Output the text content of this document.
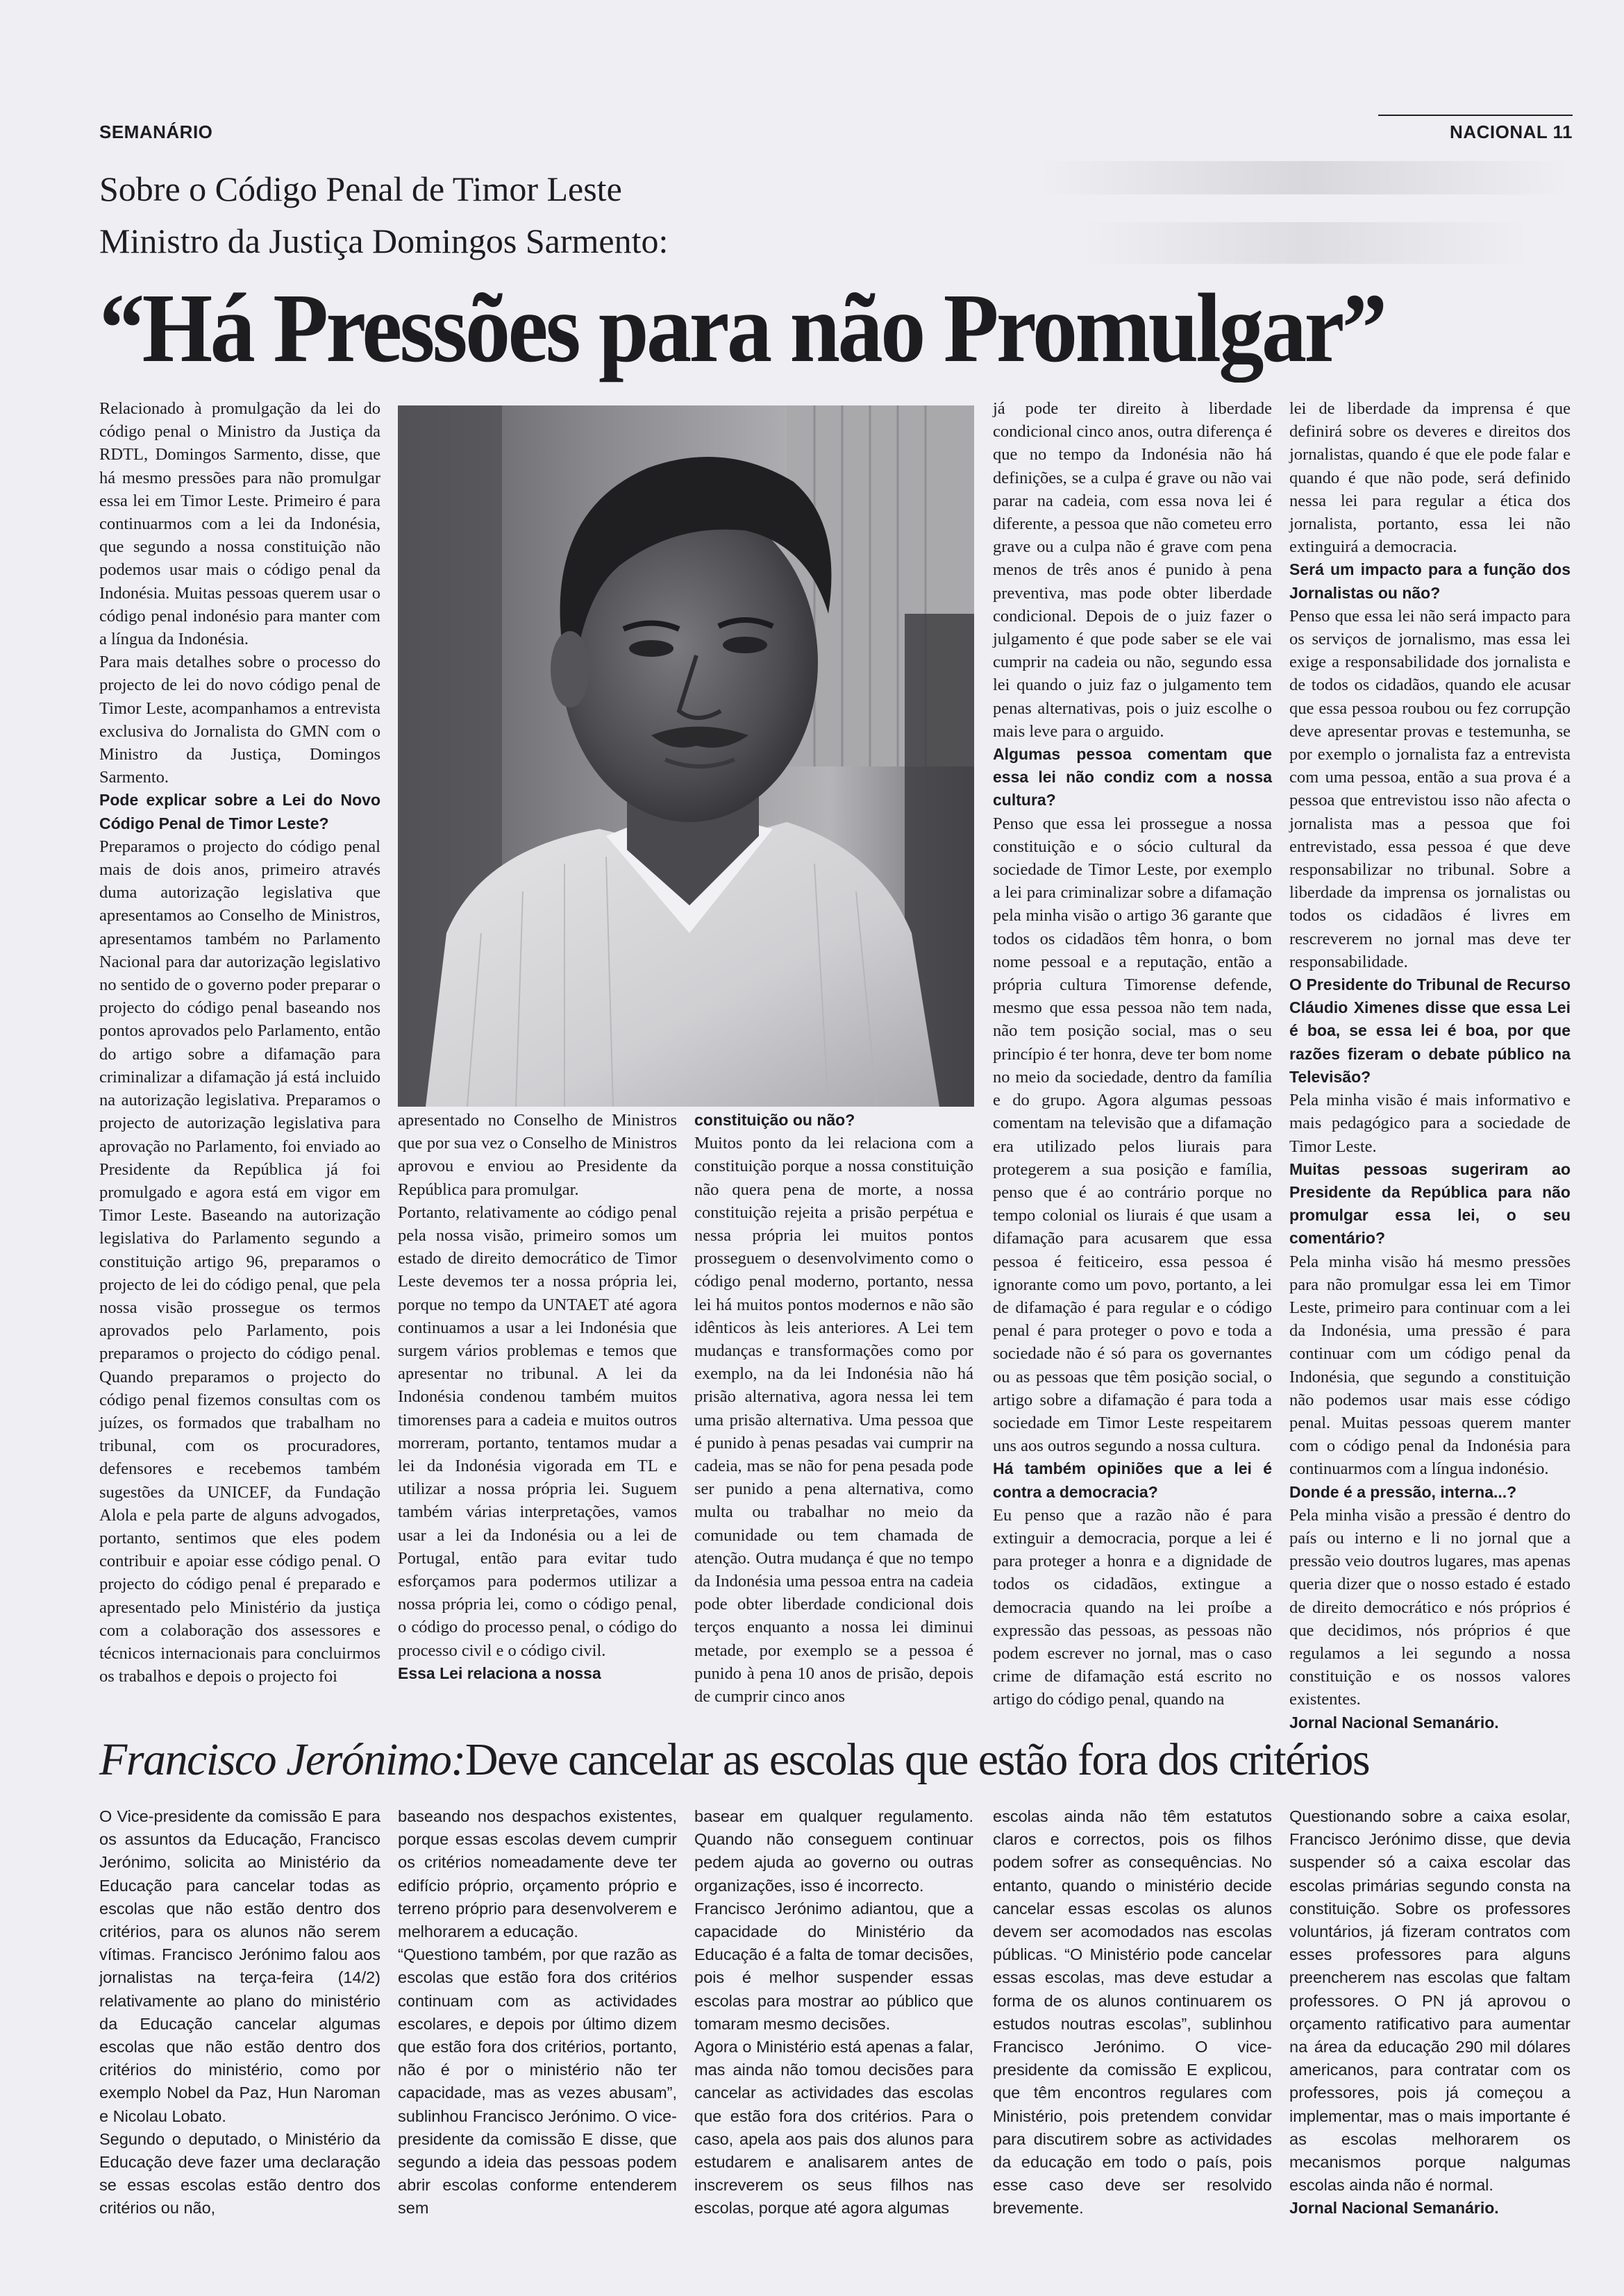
SEMANÁRIO	NACIONAL 11
Sobre o Código Penal de Timor Leste
Ministro da Justiça Domingos Sarmento:
“Há Pressões para não Promulgar”

Relacionado à promulgação da lei do código penal o Ministro da Justiça da RDTL, Domingos Sarmento, disse, que há mesmo pressões para não promulgar essa lei em Timor Leste. Primeiro é para continuarmos com a lei da Indonésia, que segundo a nossa constituição não podemos usar mais o código penal da Indonésia. Muitas pessoas querem usar o código penal indonésio para manter com a língua da Indonésia.

Para mais detalhes sobre o processo do projecto de lei do novo código penal de Timor Leste, acompanhamos a entrevista exclusiva do Jornalista do GMN com o Ministro da Justiça, Domingos Sarmento.

Pode explicar sobre a Lei do Novo Código Penal de Timor Leste?

Preparamos o projecto do código penal mais de dois anos, primeiro através duma autorização legislativa que apresentamos ao Conselho de Ministros, apresentamos também no Parlamento Nacional para dar autorização legislativo no sentido de o governo poder preparar o projecto do código penal baseando nos pontos aprovados pelo Parlamento, então do artigo sobre a difamação para criminalizar a difamação já está incluido na autorização legislativa. Preparamos o projecto de autorização legislativa para aprovação no Parlamento, foi enviado ao Presidente da República já foi promulgado e agora está em vigor em Timor Leste. Baseando na autorização legislativa do Parlamento segundo a constituição artigo 96, preparamos o projecto de lei do código penal, que pela nossa visão prossegue os termos aprovados pelo Parlamento, pois preparamos o projecto do código penal. Quando preparamos o projecto do código penal fizemos consultas com os juízes, os formados que trabalham no tribunal, com os procuradores, defensores e recebemos também sugestões da UNICEF, da Fundação Alola e pela parte de alguns advogados, portanto, sentimos que eles podem contribuir e apoiar esse código penal. O projecto do código penal é preparado e apresentado pelo Ministério da justiça com a colaboração dos assessores e técnicos internacionais para concluirmos os trabalhos e depois o projecto foi

apresentado no Conselho de Ministros que por sua vez o Conselho de Ministros aprovou e enviou ao Presidente da República para promulgar.

Portanto, relativamente ao código penal pela nossa visão, primeiro somos um estado de direito democrático de Timor Leste devemos ter a nossa própria lei, porque no tempo da UNTAET até agora continuamos a usar a lei Indonésia que surgem vários problemas e temos que apresentar no tribunal. A lei da Indonésia condenou também muitos timorenses para a cadeia e muitos outros morreram, portanto, tentamos mudar a lei da Indonésia vigorada em TL e utilizar a nossa própria lei. Suguem também várias interpretações, vamos usar a lei da Indonésia ou a lei de Portugal, então para evitar tudo esforçamos para podermos utilizar a nossa própria lei, como o código penal, o código do processo penal, o código do processo civil e o código civil.

Essa Lei relaciona a nossa

constituição ou não?

Muitos ponto da lei relaciona com a constituição porque a nossa constituição não quera pena de morte, a nossa constituição rejeita a prisão perpétua e nessa própria lei muitos pontos prosseguem o desenvolvimento como o código penal moderno, portanto, nessa lei há muitos pontos modernos e não são idênticos às leis anteriores. A Lei tem mudanças e transformações como por exemplo, na da lei Indonésia não há prisão alternativa, agora nessa lei tem uma prisão alternativa. Uma pessoa que é punido à penas pesadas vai cumprir na cadeia, mas se não for pena pesada pode ser punido a pena alternativa, como multa ou trabalhar no meio da comunidade ou tem chamada de atenção. Outra mudança é que no tempo da Indonésia uma pessoa entra na cadeia pode obter liberdade condicional dois terços enquanto a nossa lei diminui metade, por exemplo se a pessoa é punido à pena 10 anos de prisão, depois de cumprir cinco anos

já pode ter direito à liberdade condicional cinco anos, outra diferença é que no tempo da Indonésia não há definições, se a culpa é grave ou não vai parar na cadeia, com essa nova lei é diferente, a pessoa que não cometeu erro grave ou a culpa não é grave com pena menos de três anos é punido à pena preventiva, mas pode obter liberdade condicional. Depois de o juiz fazer o julgamento é que pode saber se ele vai cumprir na cadeia ou não, segundo essa lei quando o juiz faz o julgamento tem penas alternativas, pois o juiz escolhe o mais leve para o arguido.

Algumas pessoa comentam que essa lei não condiz com a nossa cultura?

Penso que essa lei prossegue a nossa constituição e o sócio cultural da sociedade de Timor Leste, por exemplo a lei para criminalizar sobre a difamação pela minha visão o artigo 36 garante que todos os cidadãos têm honra, o bom nome pessoal e a reputação, então a própria cultura Timorense defende, mesmo que essa pessoa não tem nada, não tem posição social, mas o seu princípio é ter honra, deve ter bom nome no meio da sociedade, dentro da família e do grupo. Agora algumas pessoas comentam na televisão que a difamação era utilizado pelos liurais para protegerem a sua posição e família, penso que é ao contrário porque no tempo colonial os liurais é que usam a difamação para acusarem que essa pessoa é feiticeiro, essa pessoa é ignorante como um povo, portanto, a lei de difamação é para regular e o código penal é para proteger o povo e toda a sociedade não é só para os governantes ou as pessoas que têm posição social, o artigo sobre a difamação é para toda a sociedade em Timor Leste respeitarem uns aos outros segundo a nossa cultura.

Há também opiniões que a lei é contra a democracia?

Eu penso que a razão não é para extinguir a democracia, porque a lei é para proteger a honra e a dignidade de todos os cidadãos, extingue a democracia quando na lei proíbe a expressão das pessoas, as pessoas não podem escrever no jornal, mas o caso crime de difamação está escrito no artigo do código penal, quando na

lei de liberdade da imprensa é que definirá sobre os deveres e direitos dos jornalistas, quando é que ele pode falar e quando é que não pode, será definido nessa lei para regular a ética dos jornalista, portanto, essa lei não extinguirá a democracia.

Será um impacto para a função dos Jornalistas ou não?

Penso que essa lei não será impacto para os serviços de jornalismo, mas essa lei exige a responsabilidade dos jornalista e de todos os cidadãos, quando ele acusar que essa pessoa roubou ou fez corrupção deve apresentar provas e testemunha, se por exemplo o jornalista faz a entrevista com uma pessoa, então a sua prova é a pessoa que entrevistou isso não afecta o jornalista mas a pessoa que foi entrevistado, essa pessoa é que deve responsabilizar no tribunal. Sobre a liberdade da imprensa os jornalistas ou todos os cidadãos é livres em rescreverem no jornal mas deve ter responsabilidade.

O Presidente do Tribunal de Recurso Cláudio Ximenes disse que essa Lei é boa, se essa lei é boa, por que razões fizeram o debate público na Televisão?

Pela minha visão é mais informativo e mais pedagógico para a sociedade de Timor Leste.

Muitas pessoas sugeriram ao Presidente da República para não promulgar essa lei, o seu comentário?

Pela minha visão há mesmo pressões para não promulgar essa lei em Timor Leste, primeiro para continuar com a lei da Indonésia, uma pressão é para continuar com um código penal da Indonésia, que segundo a constituição não podemos usar mais esse código penal. Muitas pessoas querem manter com o código penal da Indonésia para continuarmos com a língua indonésio.

Donde é a pressão, interna...?

Pela minha visão a pressão é dentro do país ou interno e li no jornal que a pressão veio doutros lugares, mas apenas queria dizer que o nosso estado é estado de direito democrático e nós próprios é que decidimos, nós próprios é que regulamos a lei segundo a nossa constituição e os nossos valores existentes.

Jornal Nacional Semanário.

Francisco Jerónimo:Deve cancelar as escolas que estão fora dos critérios

O Vice-presidente da comissão E para os assuntos da Educação, Francisco Jerónimo, solicita ao Ministério da Educação para cancelar todas as escolas que não estão dentro dos critérios, para os alunos não serem vítimas. Francisco Jerónimo falou aos jornalistas na terça-feira (14/2) relativamente ao plano do ministério da Educação cancelar algumas escolas que não estão dentro dos critérios do ministério, como por exemplo Nobel da Paz, Hun Naroman e Nicolau Lobato.

Segundo o deputado, o Ministério da Educação deve fazer uma declaração se essas escolas estão dentro dos critérios ou não,

baseando nos despachos existentes, porque essas escolas devem cumprir os critérios nomeadamente deve ter edifício próprio, orçamento próprio e terreno próprio para desenvolverem e melhorarem a educação.

“Questiono também, por que razão as escolas que estão fora dos critérios continuam com as actividades escolares, e depois por último dizem que estão fora dos critérios, portanto, não é por o ministério não ter capacidade, mas as vezes abusam”, sublinhou Francisco Jerónimo. O vice-presidente da comissão E disse, que segundo a ideia das pessoas podem abrir escolas conforme entenderem sem

basear em qualquer regulamento. Quando não conseguem continuar pedem ajuda ao governo ou outras organizações, isso é incorrecto.

Francisco Jerónimo adiantou, que a capacidade do Ministério da Educação é a falta de tomar decisões, pois é melhor suspender essas escolas para mostrar ao público que tomaram mesmo decisões.

Agora o Ministério está apenas a falar, mas ainda não tomou decisões para cancelar as actividades das escolas que estão fora dos critérios. Para o caso, apela aos pais dos alunos para estudarem e analisarem antes de inscreverem os seus filhos nas escolas, porque até agora algumas

escolas ainda não têm estatutos claros e correctos, pois os filhos podem sofrer as consequências. No entanto, quando o ministério decide cancelar essas escolas os alunos devem ser acomodados nas escolas públicas. “O Ministério pode cancelar essas escolas, mas deve estudar a forma de os alunos continuarem os estudos noutras escolas”, sublinhou Francisco Jerónimo. O vice-presidente da comissão E explicou, que têm encontros regulares com Ministério, pois pretendem convidar para discutirem sobre as actividades da educação em todo o país, pois esse caso deve ser resolvido brevemente.

Questionando sobre a caixa esolar, Francisco Jerónimo disse, que devia suspender só a caixa escolar das escolas primárias segundo consta na constituição. Sobre os professores voluntários, já fizeram contratos com esses professores para alguns preencherem nas escolas que faltam professores. O PN já aprovou o orçamento ratificativo para aumentar na área da educação 290 mil dólares americanos, para contratar com os professores, pois já começou a implementar, mas o mais importante é as escolas melhorarem os mecanismos porque nalgumas escolas ainda não é normal.

Jornal Nacional Semanário.
